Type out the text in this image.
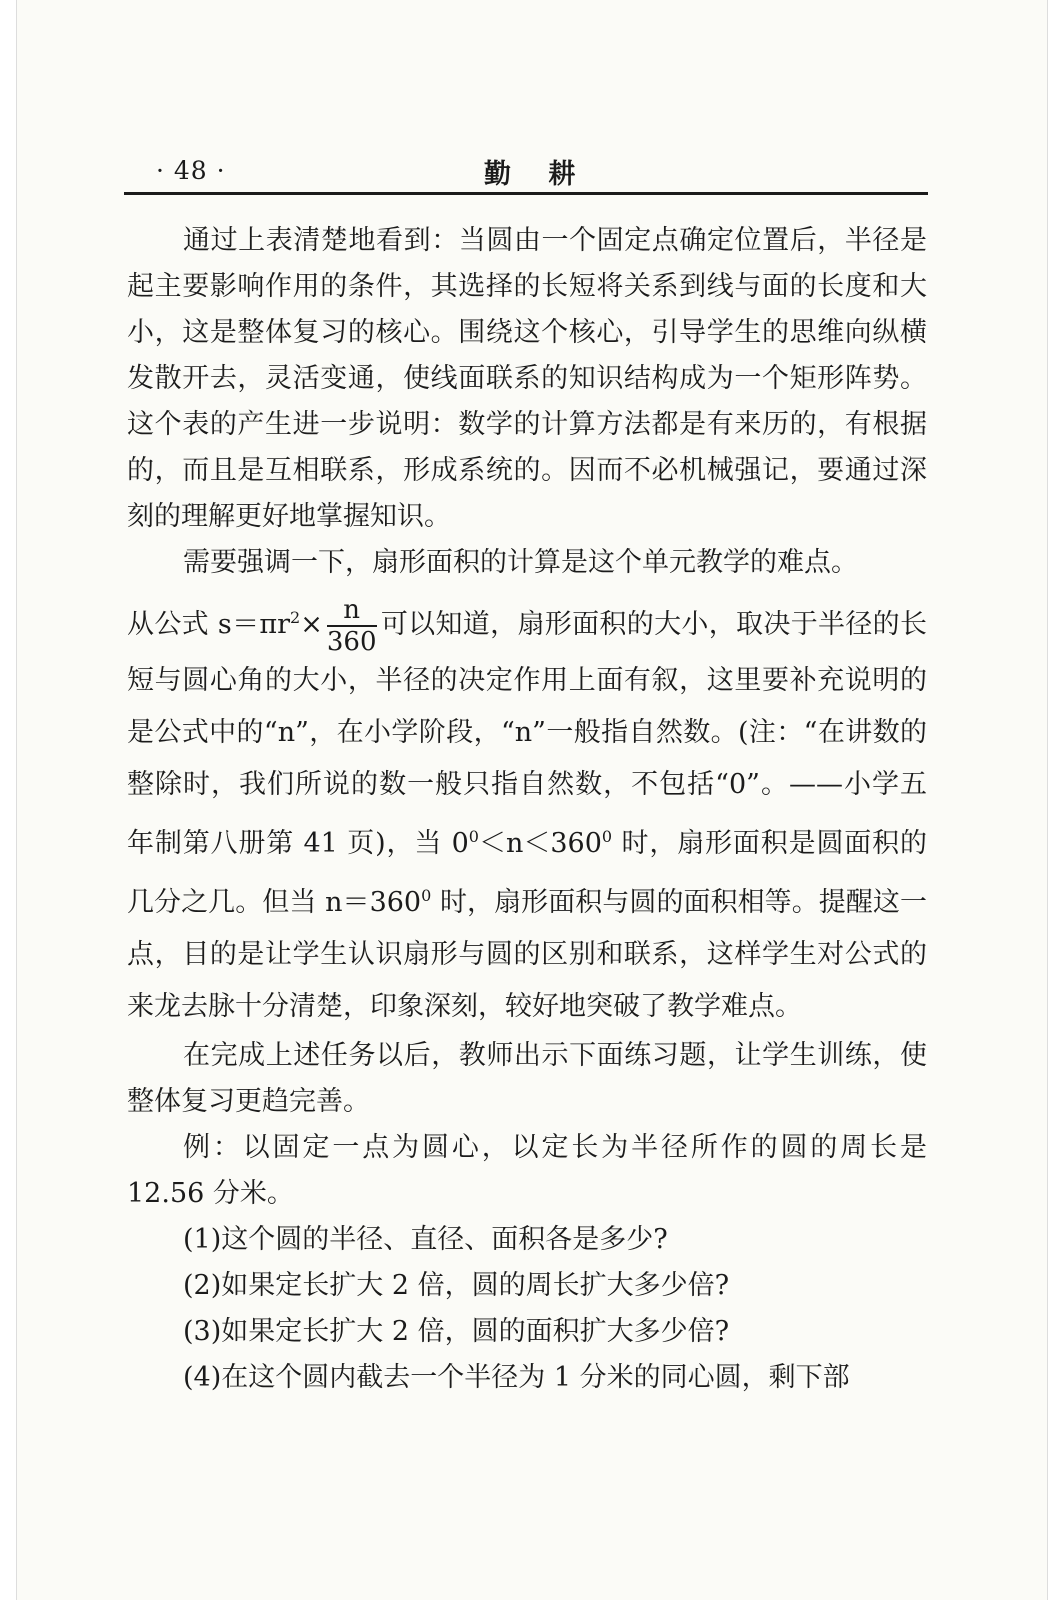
· 48 ·	勤 耕

通过上表清楚地看到：当圆由一个固定点确定位置后，半径是起主要影响作用的条件，其选择的长短将关系到线与面的长度和大小，这是整体复习的核心。围绕这个核心，引导学生的思维向纵横发散开去，灵活变通，使线面联系的知识结构成为一个矩形阵势。这个表的产生进一步说明：数学的计算方法都是有来历的，有根据的，而且是互相联系，形成系统的。因而不必机械强记，要通过深刻的理解更好地掌握知识。

需要强调一下，扇形面积的计算是这个单元教学的难点。

从公式 $s=\pi r^2\times \frac{n}{360}$ 可以知道，扇形面积的大小，取决于半径的长短与圆心角的大小，半径的决定作用上面有叙，这里要补充说明的是公式中的“n”，在小学阶段，“n”一般指自然数。(注：“在讲数的整除时，我们所说的数一般只指自然数，不包括“0”。——小学五年制第八册第 41 页)，当 $0^0<n<360^0$ 时，扇形面积是圆面积的几分之几。但当 $n=360^0$ 时，扇形面积与圆的面积相等。提醒这一点，目的是让学生认识扇形与圆的区别和联系，这样学生对公式的来龙去脉十分清楚，印象深刻，较好地突破了教学难点。

在完成上述任务以后，教师出示下面练习题，让学生训练，使整体复习更趋完善。

例：以固定一点为圆心，以定长为半径所作的圆的周长是 12.56 分米。

(1)这个圆的半径、直径、面积各是多少?

(2)如果定长扩大 2 倍，圆的周长扩大多少倍?

(3)如果定长扩大 2 倍，圆的面积扩大多少倍?

(4)在这个圆内截去一个半径为 1 分米的同心圆，剩下部
